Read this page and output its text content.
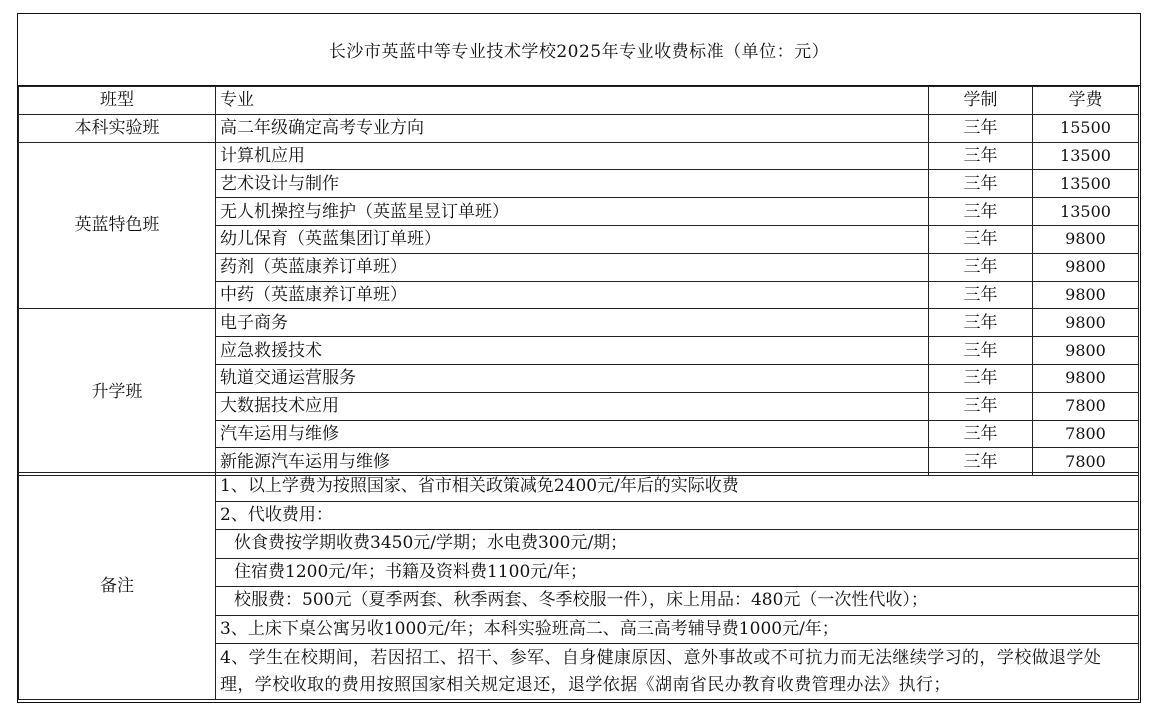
长沙市英蓝中等专业技术学校2025年专业收费标准（单位：元）
班型	专业	学制	学费
本科实验班	高二年级确定高考专业方向	三年	15500
英蓝特色班	计算机应用	三年	13500
	艺术设计与制作	三年	13500
	无人机操控与维护（英蓝星昱订单班）	三年	13500
	幼儿保育（英蓝集团订单班）	三年	9800
	药剂（英蓝康养订单班）	三年	9800
	中药（英蓝康养订单班）	三年	9800
升学班	电子商务	三年	9800
	应急救援技术	三年	9800
	轨道交通运营服务	三年	9800
	大数据技术应用	三年	7800
	汽车运用与维修	三年	7800
	新能源汽车运用与维修	三年	7800
备注	1、以上学费为按照国家、省市相关政策减免2400元/年后的实际收费
2、代收费用：
伙食费按学期收费3450元/学期；水电费300元/期；
住宿费1200元/年；书籍及资料费1100元/年；
校服费：500元（夏季两套、秋季两套、冬季校服一件），床上用品：480元（一次性代收）；
3、上床下桌公寓另收1000元/年；本科实验班高二、高三高考辅导费1000元/年；
4、学生在校期间，若因招工、招干、参军、自身健康原因、意外事故或不可抗力而无法继续学习的，学校做退学处理，学校收取的费用按照国家相关规定退还，退学依据《湖南省民办教育收费管理办法》执行；
